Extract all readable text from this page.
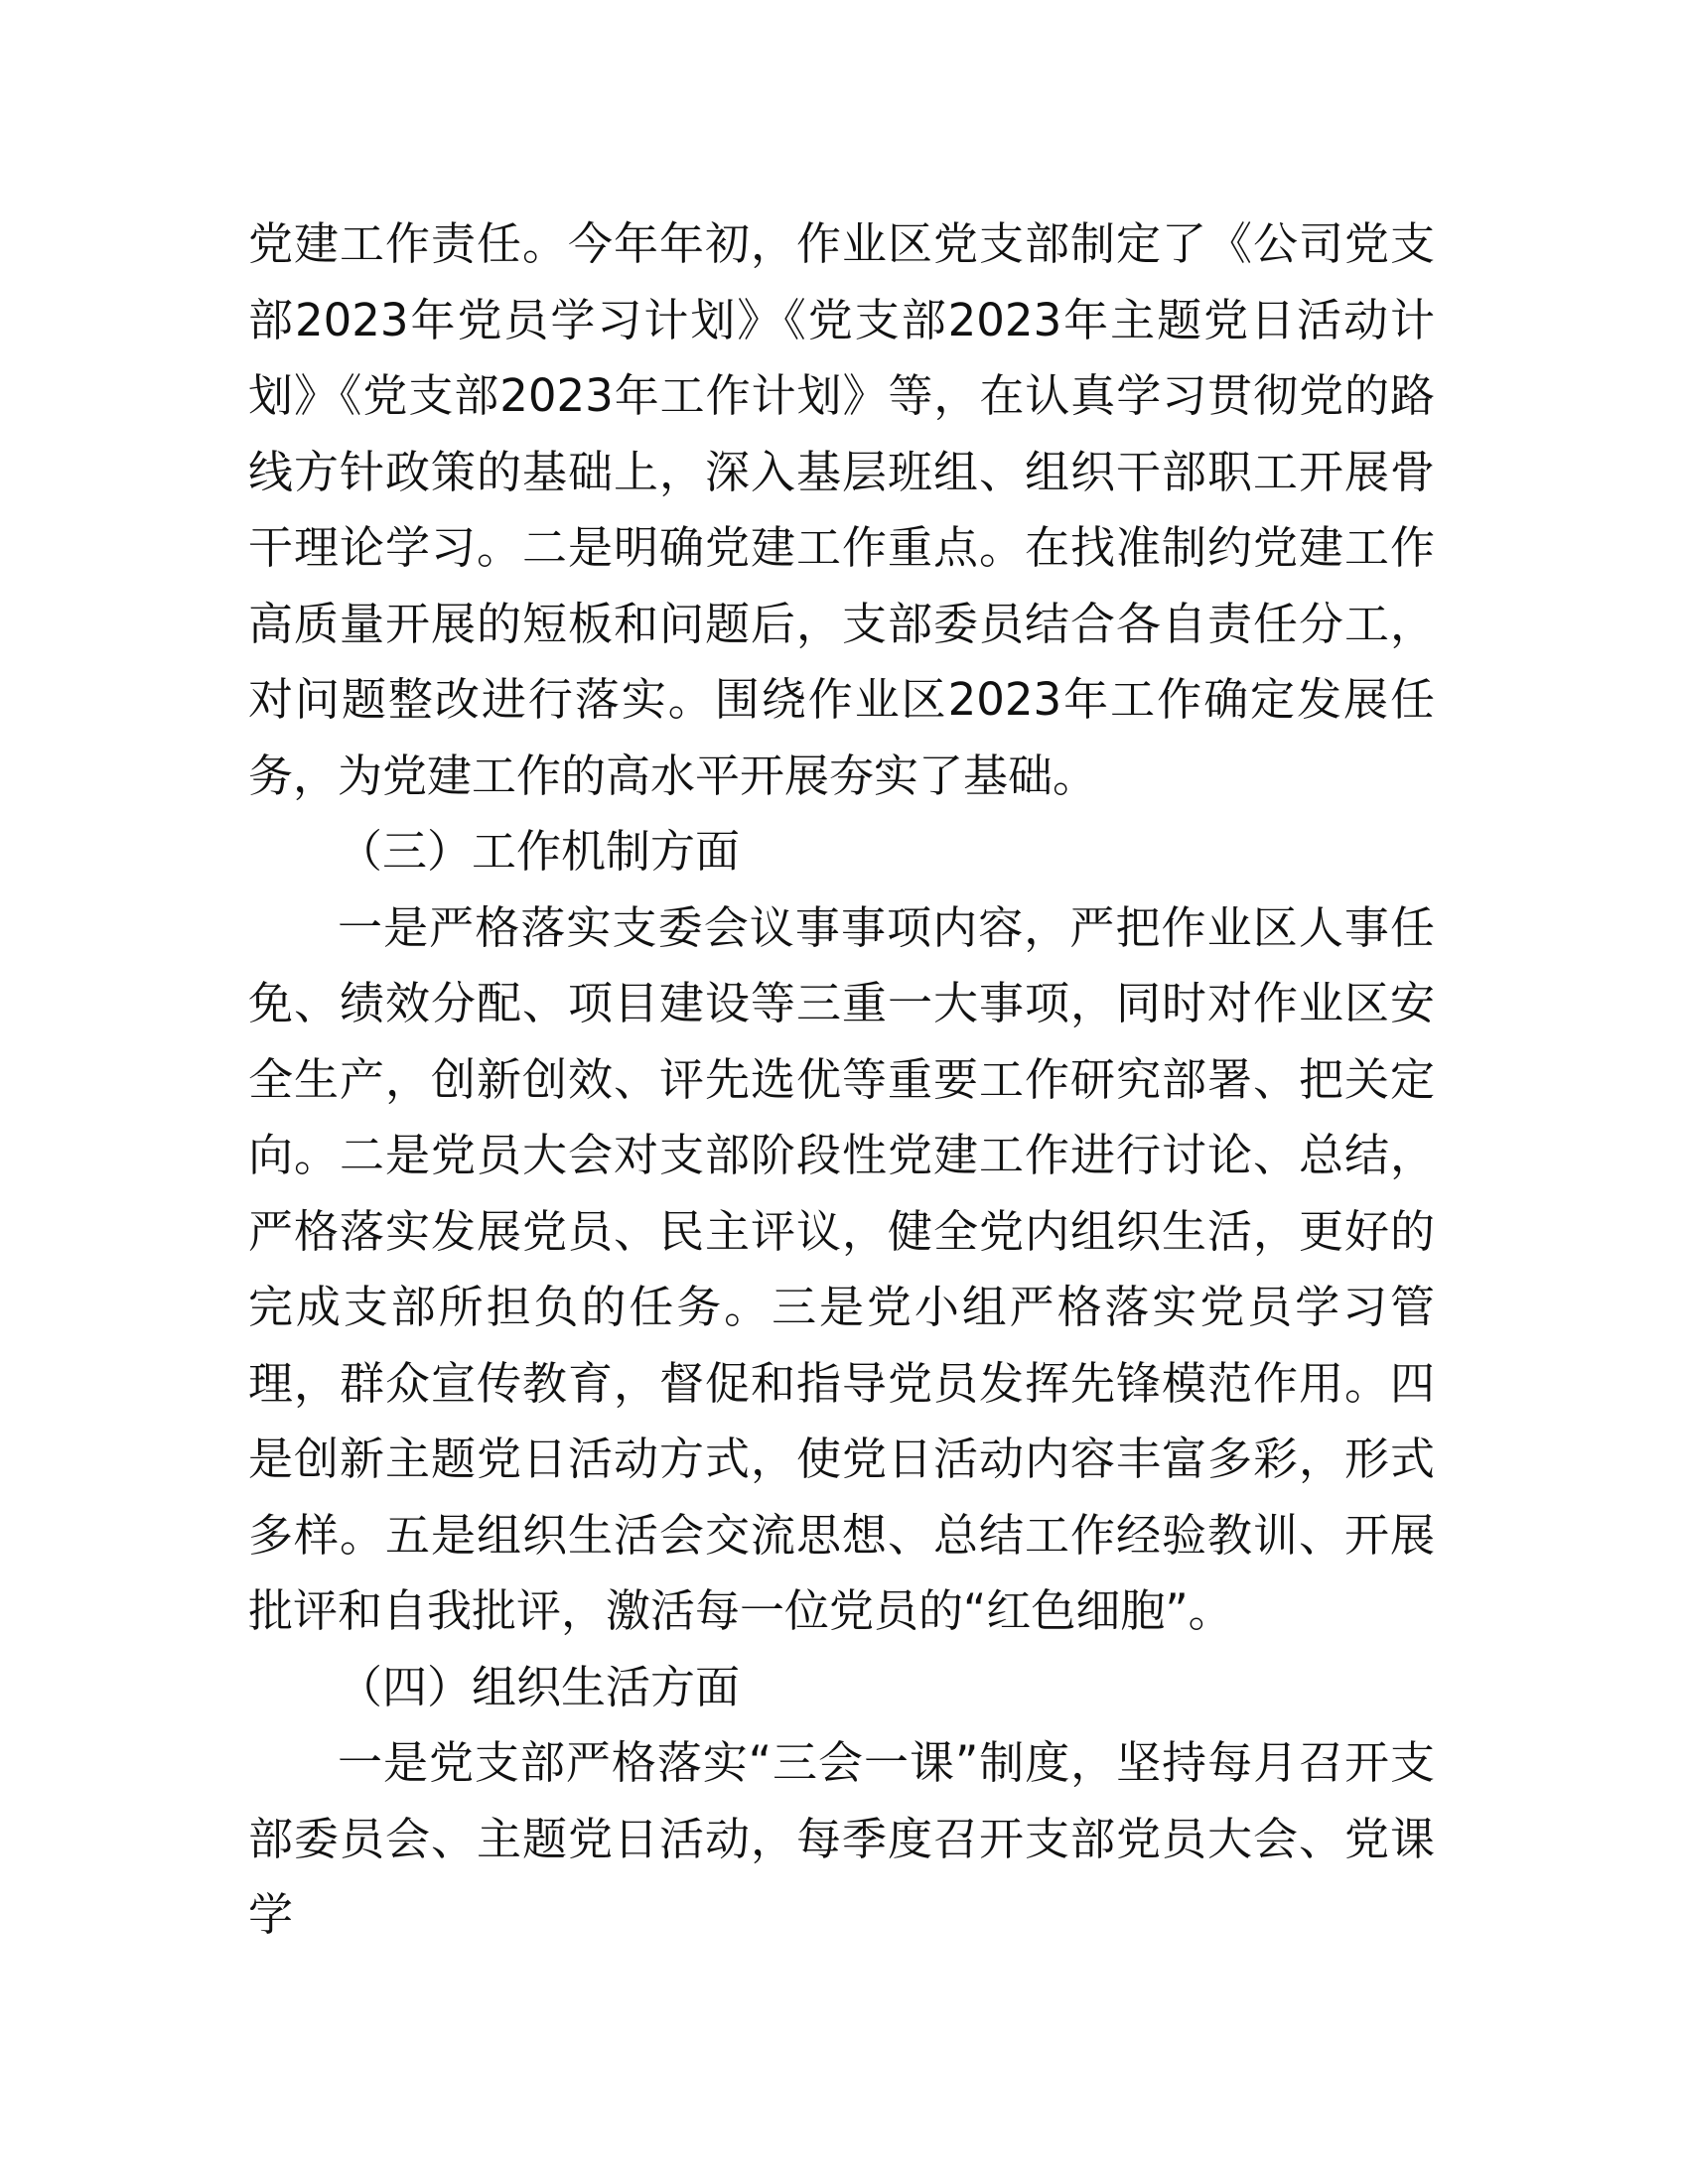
党建工作责任。今年年初，作业区党支部制定了《公司党支部2023年党员学习计划》《党支部2023年主题党日活动计划》《党支部2023年工作计划》等，在认真学习贯彻党的路线方针政策的基础上，深入基层班组、组织干部职工开展骨干理论学习。二是明确党建工作重点。在找准制约党建工作高质量开展的短板和问题后，支部委员结合各自责任分工，对问题整改进行落实。围绕作业区2023年工作确定发展任务，为党建工作的高水平开展夯实了基础。

（三）工作机制方面

一是严格落实支委会议事事项内容，严把作业区人事任免、绩效分配、项目建设等三重一大事项，同时对作业区安全生产，创新创效、评先选优等重要工作研究部署、把关定向。二是党员大会对支部阶段性党建工作进行讨论、总结，严格落实发展党员、民主评议，健全党内组织生活，更好的完成支部所担负的任务。三是党小组严格落实党员学习管理，群众宣传教育，督促和指导党员发挥先锋模范作用。四是创新主题党日活动方式，使党日活动内容丰富多彩，形式多样。五是组织生活会交流思想、总结工作经验教训、开展批评和自我批评，激活每一位党员的“红色细胞”。

（四）组织生活方面

一是党支部严格落实“三会一课”制度，坚持每月召开支部委员会、主题党日活动，每季度召开支部党员大会、党课学
